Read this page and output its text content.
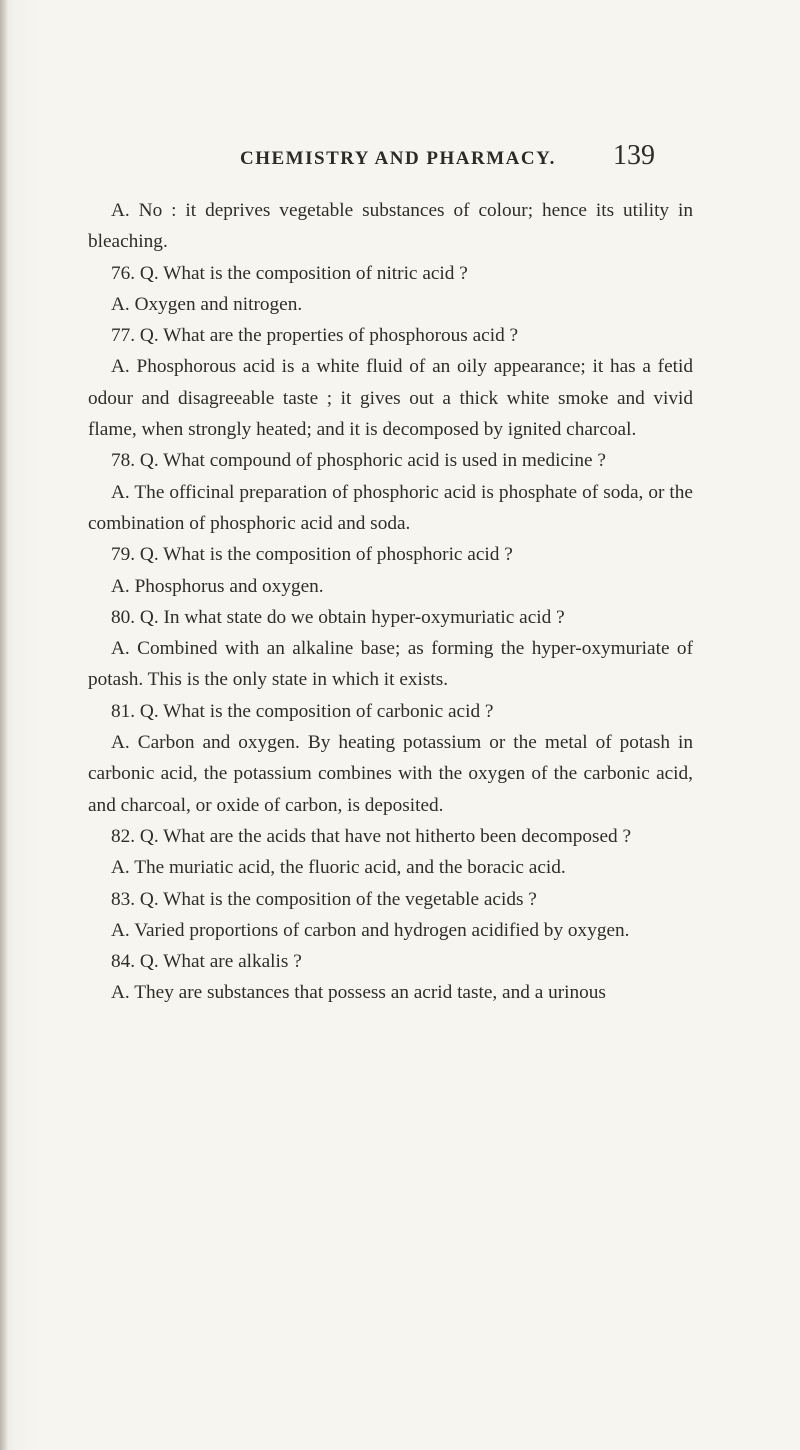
CHEMISTRY AND PHARMACY. 139

A. No : it deprives vegetable substances of colour; hence its utility in bleaching.

76. Q. What is the composition of nitric acid ?

A. Oxygen and nitrogen.

77. Q. What are the properties of phosphorous acid ?

A. Phosphorous acid is a white fluid of an oily appearance; it has a fetid odour and disagreeable taste ; it gives out a thick white smoke and vivid flame, when strongly heated; and it is decomposed by ignited charcoal.

78. Q. What compound of phosphoric acid is used in medicine ?

A. The officinal preparation of phosphoric acid is phosphate of soda, or the combination of phosphoric acid and soda.

79. Q. What is the composition of phosphoric acid ?

A. Phosphorus and oxygen.

80. Q. In what state do we obtain hyper-oxymuriatic acid ?

A. Combined with an alkaline base; as forming the hyper-oxymuriate of potash. This is the only state in which it exists.

81. Q. What is the composition of carbonic acid ?

A. Carbon and oxygen. By heating potassium or the metal of potash in carbonic acid, the potassium combines with the oxygen of the carbonic acid, and charcoal, or oxide of carbon, is deposited.

82. Q. What are the acids that have not hitherto been decomposed ?

A. The muriatic acid, the fluoric acid, and the boracic acid.

83. Q. What is the composition of the vegetable acids ?

A. Varied proportions of carbon and hydrogen acidified by oxygen.

84. Q. What are alkalis ?

A. They are substances that possess an acrid taste, and a urinous
